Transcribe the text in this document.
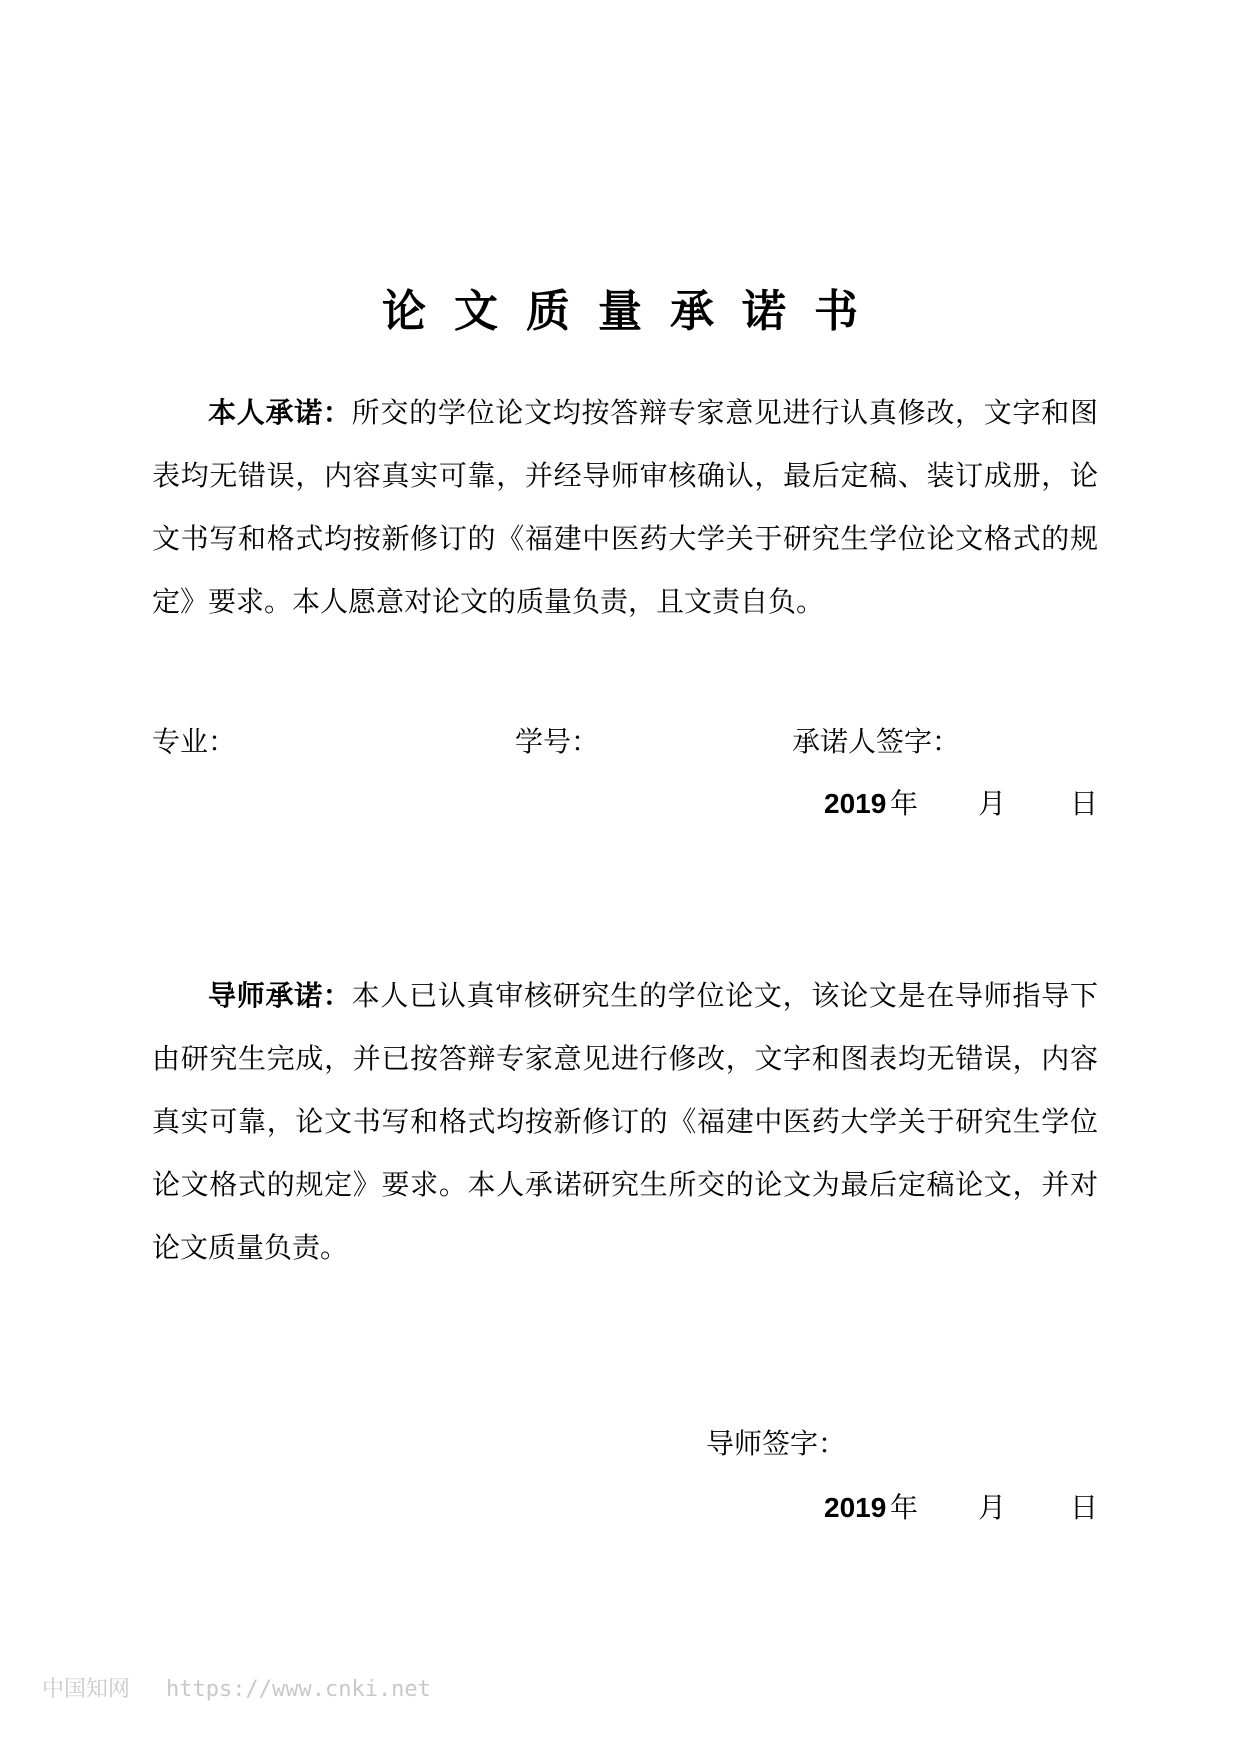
论文质量承诺书
本人承诺：所交的学位论文均按答辩专家意见进行认真修改，文字和图表均无错误，内容真实可靠，并经导师审核确认，最后定稿、装订成册，论文书写和格式均按新修订的《福建中医药大学关于研究生学位论文格式的规定》要求。本人愿意对论文的质量负责，且文责自负。
专业：	学号：	承诺人签字：
2019 年 月 日
导师承诺：本人已认真审核研究生的学位论文，该论文是在导师指导下由研究生完成，并已按答辩专家意见进行修改，文字和图表均无错误，内容真实可靠，论文书写和格式均按新修订的《福建中医药大学关于研究生学位论文格式的规定》要求。本人承诺研究生所交的论文为最后定稿论文，并对论文质量负责。
导师签字：
2019 年 月 日
中国知网 https://www.cnki.net
